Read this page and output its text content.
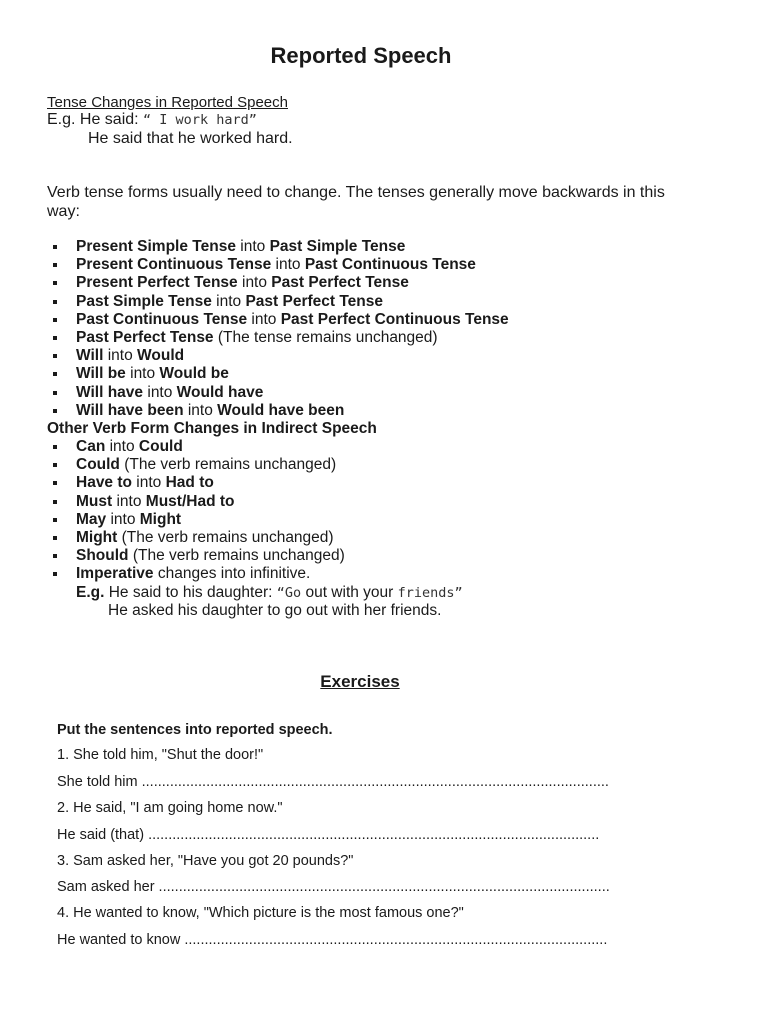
Reported Speech
Tense Changes in Reported Speech
E.g. He said: “ I work hard”
He said that he worked hard.
Verb tense forms usually need to change. The tenses generally move backwards in this
way:
Present Simple Tense into Past Simple Tense
Present Continuous Tense into Past Continuous Tense
Present Perfect Tense into Past Perfect Tense
Past Simple Tense into Past Perfect Tense
Past Continuous Tense into Past Perfect Continuous Tense
Past Perfect Tense (The tense remains unchanged)
Will into Would
Will be into Would be
Will have into Would have
Will have been into Would have been
Other Verb Form Changes in Indirect Speech
Can into Could
Could (The verb remains unchanged)
Have to into Had to
Must into Must/Had to
May into Might
Might (The verb remains unchanged)
Should (The verb remains unchanged)
Imperative changes into infinitive.
E.g. He said to his daughter: “Go out with your friends”
He asked his daughter to go out with her friends.
Exercises
Put the sentences into reported speech.
1. She told him, "Shut the door!"
She told him ....................................................................................................................
2. He said, "I am going home now."
He said (that) ................................................................................................................
3. Sam asked her, "Have you got 20 pounds?"
Sam asked her ................................................................................................................
4. He wanted to know, "Which picture is the most famous one?"
He wanted to know .........................................................................................................
